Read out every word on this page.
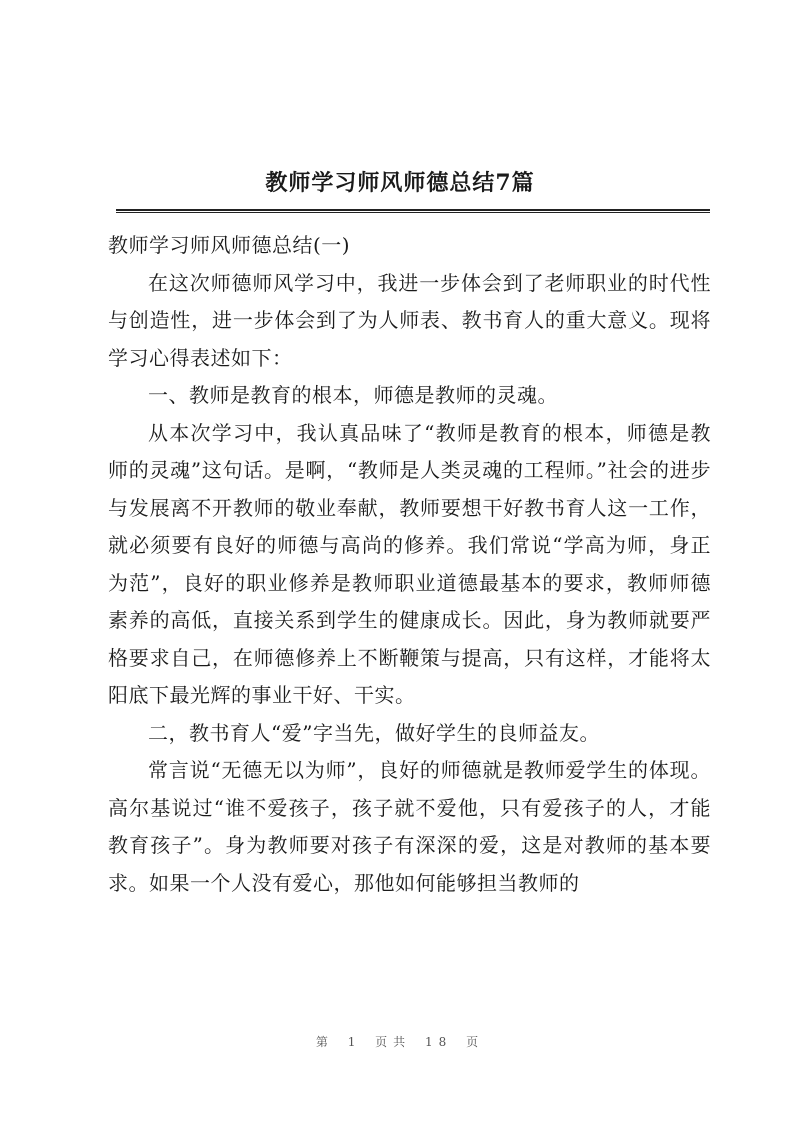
教师学习师风师德总结7篇

教师学习师风师德总结(一)

在这次师德师风学习中，我进一步体会到了老师职业的时代性与创造性，进一步体会到了为人师表、教书育人的重大意义。现将学习心得表述如下：

一、教师是教育的根本，师德是教师的灵魂。

从本次学习中，我认真品味了“教师是教育的根本，师德是教师的灵魂”这句话。是啊，“教师是人类灵魂的工程师。”社会的进步与发展离不开教师的敬业奉献，教师要想干好教书育人这一工作，就必须要有良好的师德与高尚的修养。我们常说“学高为师，身正为范”，良好的职业修养是教师职业道德最基本的要求，教师师德素养的高低，直接关系到学生的健康成长。因此，身为教师就要严格要求自己，在师德修养上不断鞭策与提高，只有这样，才能将太阳底下最光辉的事业干好、干实。

二，教书育人“爱”字当先，做好学生的良师益友。

常言说“无德无以为师”，良好的师德就是教师爱学生的体现。高尔基说过“谁不爱孩子，孩子就不爱他，只有爱孩子的人，才能教育孩子”。身为教师要对孩子有深深的爱，这是对教师的基本要求。如果一个人没有爱心，那他如何能够担当教师的

第 1 页共 18 页
